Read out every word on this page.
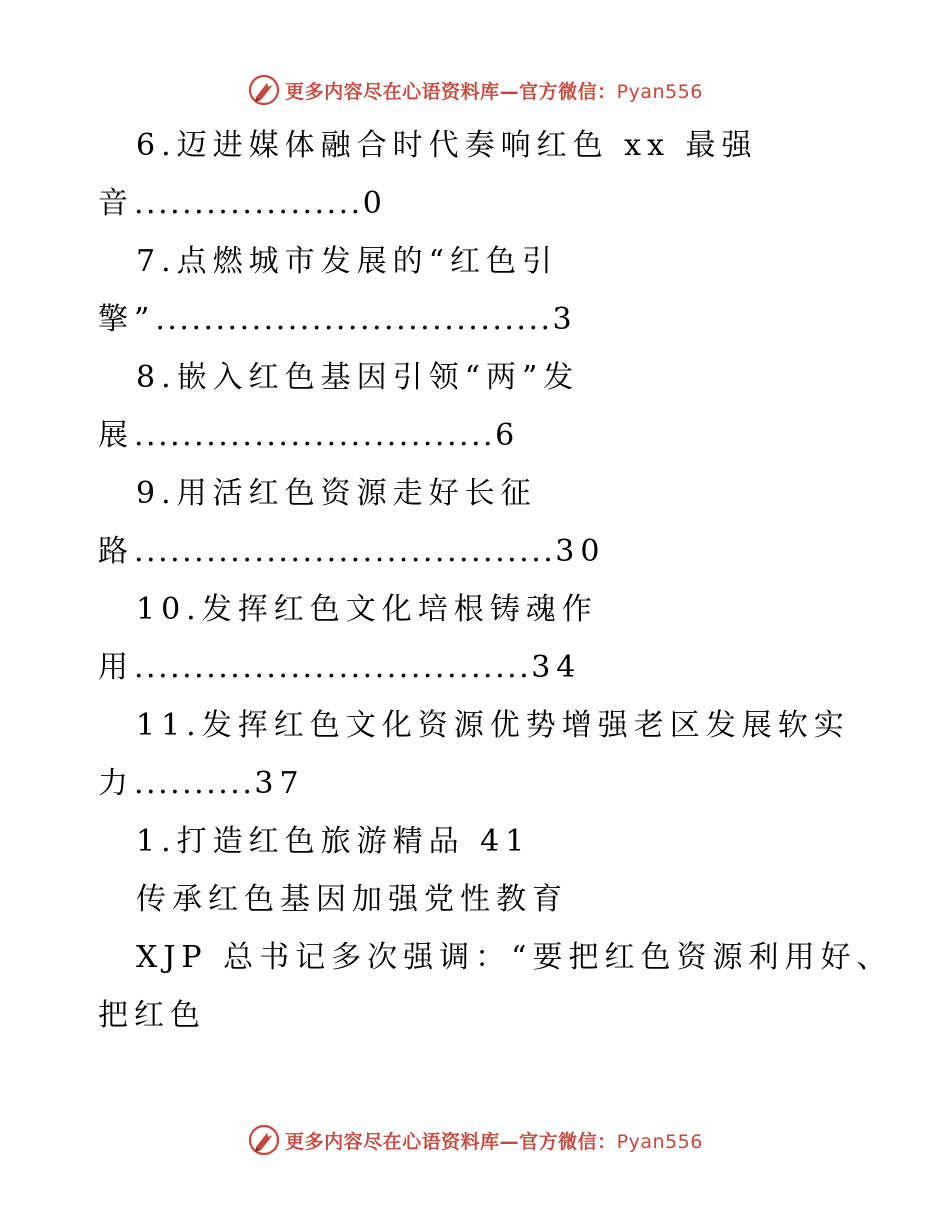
更多内容尽在心语资料库—官方微信：Pyan556
6.迈进媒体融合时代奏响红色 xx 最强
音...................0
7.点燃城市发展的“红色引
擎”.................................3
8.嵌入红色基因引领“两”发
展..............................6
9.用活红色资源走好长征
路...................................30
10.发挥红色文化培根铸魂作
用.................................34
11.发挥红色文化资源优势增强老区发展软实
力..........37
1.打造红色旅游精品 41
传承红色基因加强党性教育
XJP 总书记多次强调：“要把红色资源利用好、
把红色
更多内容尽在心语资料库—官方微信：Pyan556
